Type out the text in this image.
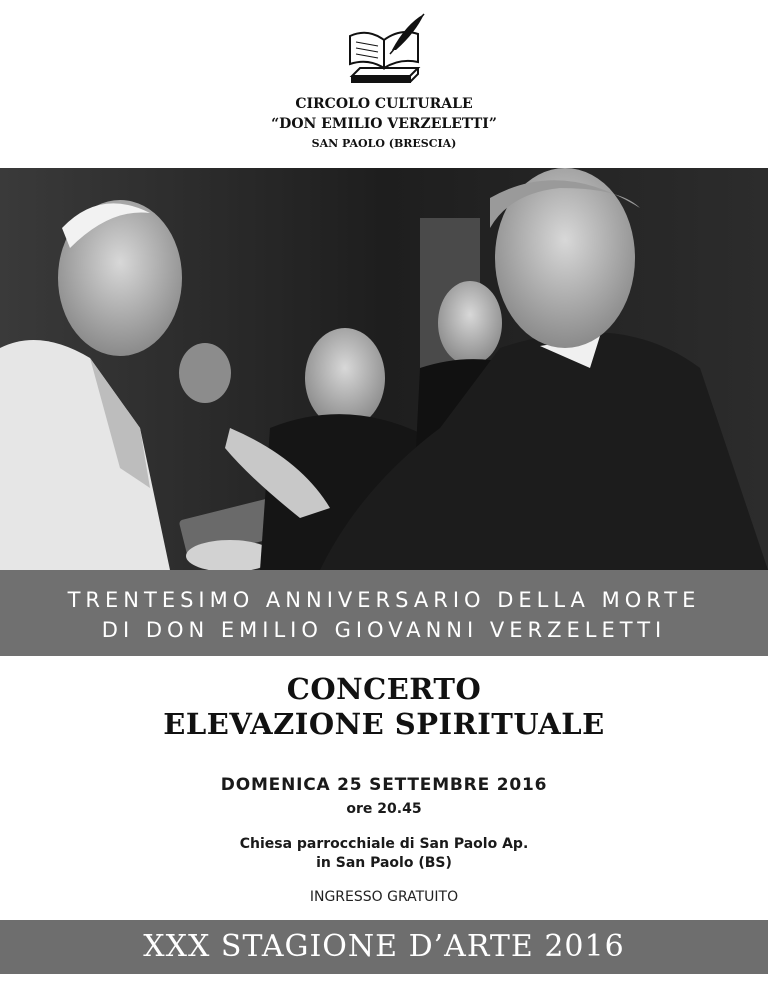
CIRCOLO CULTURALE
“DON EMILIO VERZELETTI”
SAN PAOLO (BRESCIA)
TRENTESIMO ANNIVERSARIO DELLA MORTE
DI DON EMILIO GIOVANNI VERZELETTI
CONCERTO
ELEVAZIONE SPIRITUALE
DOMENICA 25 SETTEMBRE 2016
ore 20.45
Chiesa parrocchiale di San Paolo Ap.
in San Paolo (BS)
INGRESSO GRATUITO
XXX STAGIONE D’ARTE 2016
